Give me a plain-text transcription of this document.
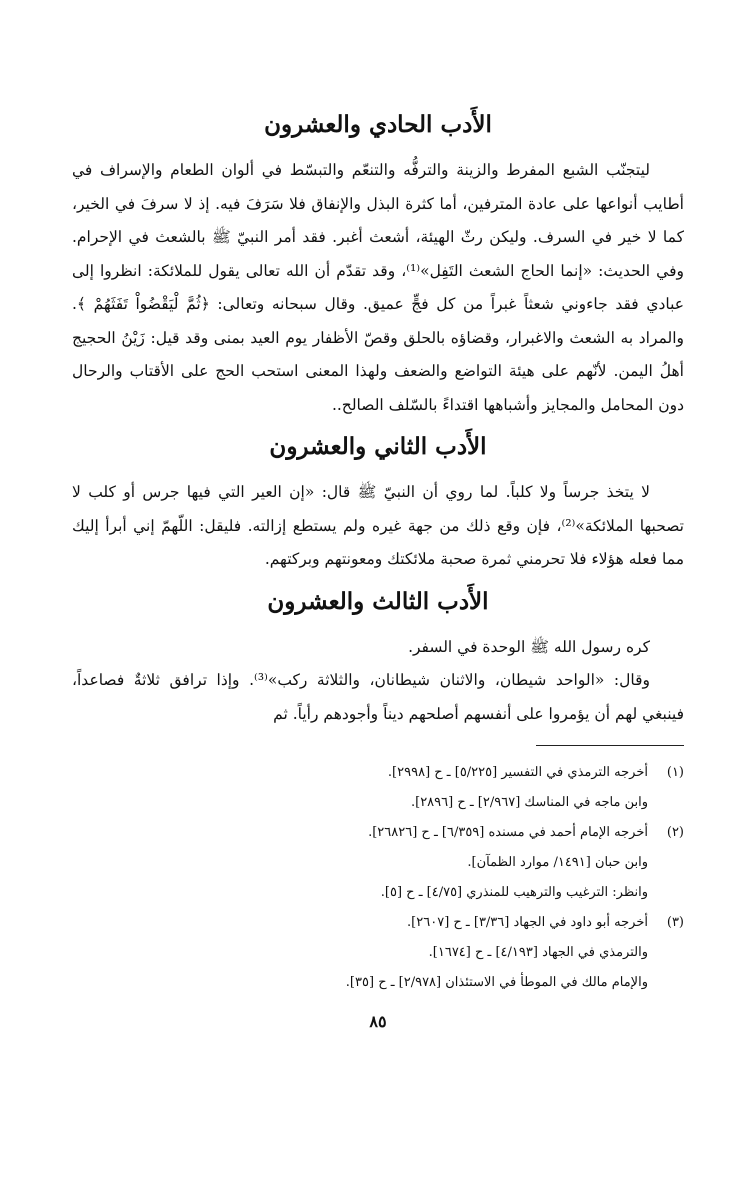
الأَدب الحادي والعشرون

ليتجنّب الشبع المفرط والزينة والترفُّه والتنعّم والتبسّط في ألوان الطعام والإسراف في أطايب أنواعها على عادة المترفين، أما كثرة البذل والإنفاق فلا سَرَفَ فيه. إذ لا سرفَ في الخير، كما لا خير في السرف. وليكن رثّ الهيئة، أشعث أغبر. فقد أمر النبيّ ﷺ بالشعث في الإحرام. وفي الحديث: «إنما الحاج الشعث التَفِل»⁽¹⁾، وقد تقدّم أن الله تعالى يقول للملائكة: انظروا إلى عبادي فقد جاءوني شعثاً غبراً من كل فجٍّ عميق. وقال سبحانه وتعالى: ﴿ثُمَّ لْيَقْضُواْ تَفَثَهُمْ ﴾. والمراد به الشعث والاغبرار، وقضاؤه بالحلق وقصّ الأظفار يوم العيد بمنى وقد قيل: زَيْنُ الحجيج أهلُ اليمن. لأنّهم على هيئة التواضع والضعف ولهذا المعنى استحب الحج على الأقتاب والرحال دون المحامل والمجايز وأشباهها اقتداءً بالسّلف الصالح..

الأَدب الثاني والعشرون

لا يتخذ جرساً ولا كلباً. لما روي أن النبيّ ﷺ قال: «إن العير التي فيها جرس أو كلب لا تصحبها الملائكة»⁽²⁾، فإن وقع ذلك من جهة غيره ولم يستطع إزالته. فليقل: اللّهمّ إني أبرأ إليك مما فعله هؤلاء فلا تحرمني ثمرة صحبة ملائكتك ومعونتهم وبركتهم.

الأَدب الثالث والعشرون

كره رسول الله ﷺ الوحدة في السفر.

وقال: «الواحد شيطان، والاثنان شيطانان، والثلاثة ركب»⁽³⁾. وإذا ترافق ثلاثةٌ فصاعداً، فينبغي لهم أن يؤمروا على أنفسهم أصلحهم ديناً وأجودهم رأياً. ثم

(١)
أخرجه الترمذي في التفسير [٥/٢٢٥] ـ ح [٢٩٩٨].
وابن ماجه في المناسك [٢/٩٦٧] ـ ح [٢٨٩٦].
(٢)
أخرجه الإمام أحمد في مسنده [٦/٣٥٩] ـ ح [٢٦٨٢٦].
وابن حبان [١٤٩١/ موارد الظمآن].
وانظر: الترغيب والترهيب للمنذري [٤/٧٥] ـ ح [٥].
(٣)
أخرجه أبو داود في الجهاد [٣/٣٦] ـ ح [٢٦٠٧].
والترمذي في الجهاد [٤/١٩٣] ـ ح [١٦٧٤].
والإمام مالك في الموطأ في الاستئذان [٢/٩٧٨] ـ ح [٣٥].
٨٥
